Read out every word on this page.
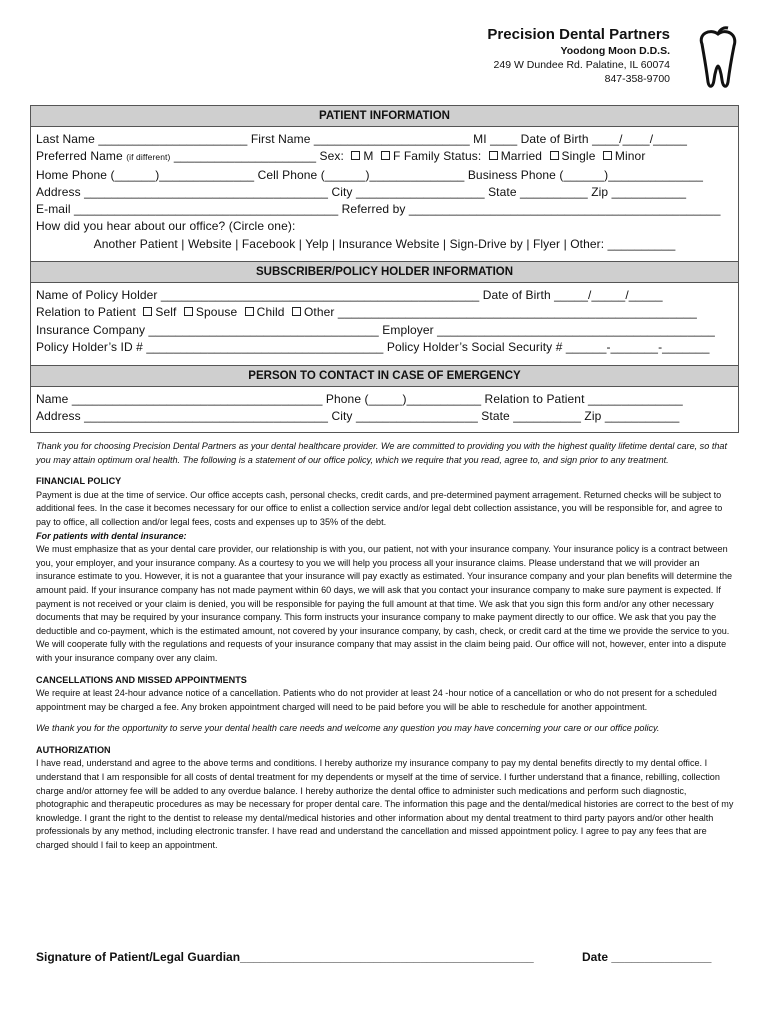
Precision Dental Partners
Yoodong Moon D.D.S.
249 W Dundee Rd. Palatine, IL 60074
847-358-9700
PATIENT INFORMATION
Last Name ______________________ First Name _______________________ MI ____ Date of Birth ____/____/_____
Preferred Name (if different) _____________________ Sex: M F Family Status: Married Single Minor
Home Phone (______)______________ Cell Phone (______)______________ Business Phone (______)______________
Address ____________________________________ City ___________________ State __________ Zip ___________
E-mail _______________________________________ Referred by ______________________________________________
How did you hear about our office? (Circle one):
Another Patient | Website | Facebook | Yelp | Insurance Website | Sign-Drive by | Flyer | Other: __________
SUBSCRIBER/POLICY HOLDER INFORMATION
Name of Policy Holder _______________________________________________ Date of Birth _____/_____/_____
Relation to Patient Self Spouse Child Other _____________________________________________________
Insurance Company __________________________________ Employer _________________________________________
Policy Holder’s ID # ___________________________________ Policy Holder’s Social Security # ______-_______-_______
PERSON TO CONTACT IN CASE OF EMERGENCY
Name _____________________________________ Phone (_____)___________ Relation to Patient ______________
Address ____________________________________ City __________________ State __________ Zip ___________

Thank you for choosing Precision Dental Partners as your dental healthcare provider. We are committed to providing you with the highest quality lifetime dental care, so that you may attain optimum oral health. The following is a statement of our office policy, which we require that you read, agree to, and sign prior to any treatment.

FINANCIAL POLICY

Payment is due at the time of service. Our office accepts cash, personal checks, credit cards, and pre-determined payment arragement. Returned checks will be subject to additional fees. In the case it becomes necessary for our office to enlist a collection service and/or legal debt collection assistance, you will be responsible for, and agree to pay to office, all collection and/or legal fees, costs and expenses up to 35% of the debt.

For patients with dental insurance:

We must emphasize that as your dental care provider, our relationship is with you, our patient, not with your insurance company. Your insurance policy is a contract between you, your employer, and your insurance company. As a courtesy to you we will help you process all your insurance claims. Please understand that we will provider an insurance estimate to you. However, it is not a guarantee that your insurance will pay exactly as estimated. Your insurance company and your plan benefits will determine the amount paid. If your insurance company has not made payment within 60 days, we will ask that you contact your insurance company to make sure payment is expected. If payment is not received or your claim is denied, you will be responsible for paying the full amount at that time. We ask that you sign this form and/or any other necessary documents that may be required by your insurance company. This form instructs your insurance company to make payment directly to our office. We ask that you pay the deductible and co-payment, which is the estimated amount, not covered by your insurance company, by cash, check, or credit card at the time we provide the service to you. We will cooperate fully with the regulations and requests of your insurance company that may assist in the claim being paid. Our office will not, however, enter into a dispute with your insurance company over any claim.

CANCELLATIONS AND MISSED APPOINTMENTS

We require at least 24-hour advance notice of a cancellation. Patients who do not provider at least 24 -hour notice of a cancellation or who do not present for a scheduled appointment may be charged a fee. Any broken appointment charged will need to be paid before you will be able to reschedule for another appointment.

We thank you for the opportunity to serve your dental health care needs and welcome any question you may have concerning your care or our office policy.

AUTHORIZATION

I have read, understand and agree to the above terms and conditions. I hereby authorize my insurance company to pay my dental benefits directly to my dental office. I understand that I am responsible for all costs of dental treatment for my dependents or myself at the time of service. I further understand that a finance, rebilling, collection charge and/or attorney fee will be added to any overdue balance. I hereby authorize the dental office to administer such medications and perform such diagnostic, photographic and therapeutic procedures as may be necessary for proper dental care. The information this page and the dental/medical histories are correct to the best of my knowledge. I grant the right to the dentist to release my dental/medical histories and other information about my dental treatment to third party payors and/or other health professionals by any method, including electronic transfer. I have read and understand the cancellation and missed appointment policy. I agree to pay any fees that are charged should I fail to keep an appointment.

Signature of Patient/Legal Guardian____________________________________________	Date _______________
